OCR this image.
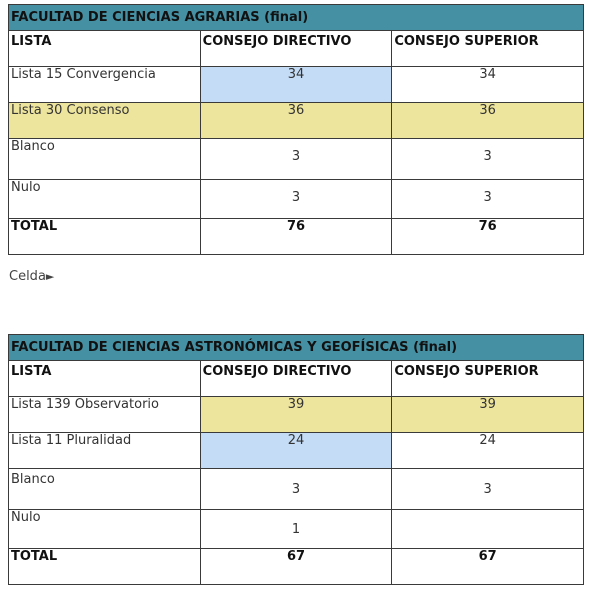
FACULTAD DE CIENCIAS AGRARIAS (final)		
LISTA	CONSEJO DIRECTIVO	CONSEJO SUPERIOR
Lista 15 Convergencia	34	34
Lista 30 Consenso	36	36
Blanco	3	3
Nulo	3	3
TOTAL	76	76
Celda►
FACULTAD DE CIENCIAS ASTRONÓMICAS Y GEOFÍSICAS (final)		
LISTA	CONSEJO DIRECTIVO	CONSEJO SUPERIOR
Lista 139 Observatorio	39	39
Lista 11 Pluralidad	24	24
Blanco	3	3
Nulo	1	
TOTAL	67	67
